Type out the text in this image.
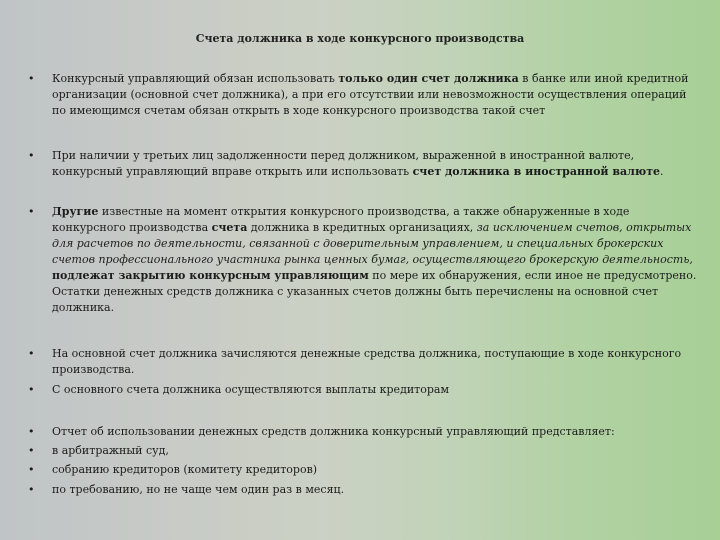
Счета должника в ходе конкурсного производства
• Конкурсный управляющий обязан использовать только один счет должника в банке или иной кредитной организации (основной счет должника), а при его отсутствии или невозможности осуществления операций по имеющимся счетам обязан открыть в ходе конкурсного производства такой счет
• При наличии у третьих лиц задолженности перед должником, выраженной в иностранной валюте, конкурсный управляющий вправе открыть или использовать счет должника в иностранной валюте.
• Другие известные на момент открытия конкурсного производства, а также обнаруженные в ходе конкурсного производства счета должника в кредитных организациях, за исключением счетов, открытых для расчетов по деятельности, связанной с доверительным управлением, и специальных брокерских счетов профессионального участника рынка ценных бумаг, осуществляющего брокерскую деятельность, подлежат закрытию конкурсным управляющим по мере их обнаружения, если иное не предусмотрено. Остатки денежных средств должника с указанных счетов должны быть перечислены на основной счет должника.
• На основной счет должника зачисляются денежные средства должника, поступающие в ходе конкурсного производства.
• С основного счета должника осуществляются выплаты кредиторам
• Отчет об использовании денежных средств должника конкурсный управляющий представляет:
• в арбитражный суд,
• собранию кредиторов (комитету кредиторов)
• по требованию, но не чаще чем один раз в месяц.
